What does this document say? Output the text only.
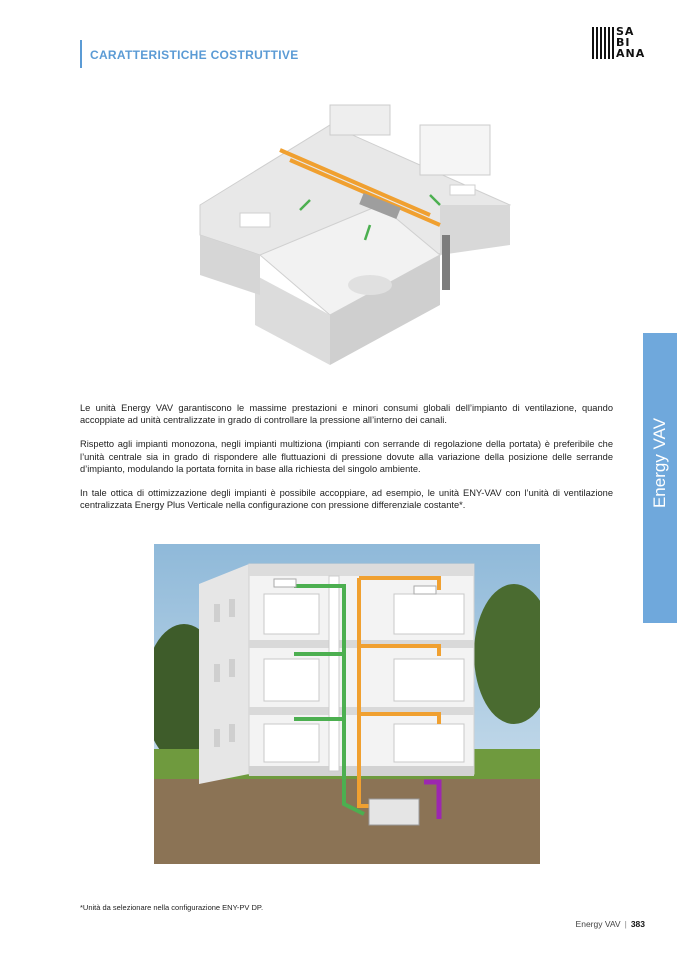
CARATTERISTICHE COSTRUTTIVE
SA
BI
ANA
Energy VAV

Le unità Energy VAV garantiscono le massime prestazioni e minori consumi globali dell’impianto di ventilazione, quando accoppiate ad unità centralizzate in grado di controllare la pressione all’interno dei canali.

Rispetto agli impianti monozona, negli impianti multiziona (impianti con serrande di regolazione della portata) è preferibile che l’unità centrale sia in grado di rispondere alle fluttuazioni di pressione dovute alla variazione della posizione delle serrande d’impianto, modulando la portata fornita in base alla richiesta del singolo ambiente.

In tale ottica di ottimizzazione degli impianti è possibile accoppiare, ad esempio, le unità ENY-VAV con l’unità di ventilazione centralizzata Energy Plus Verticale nella configurazione con pressione differenziale costante*.

*Unità da selezionare nella configurazione ENY-PV DP.
Energy VAV | 383
